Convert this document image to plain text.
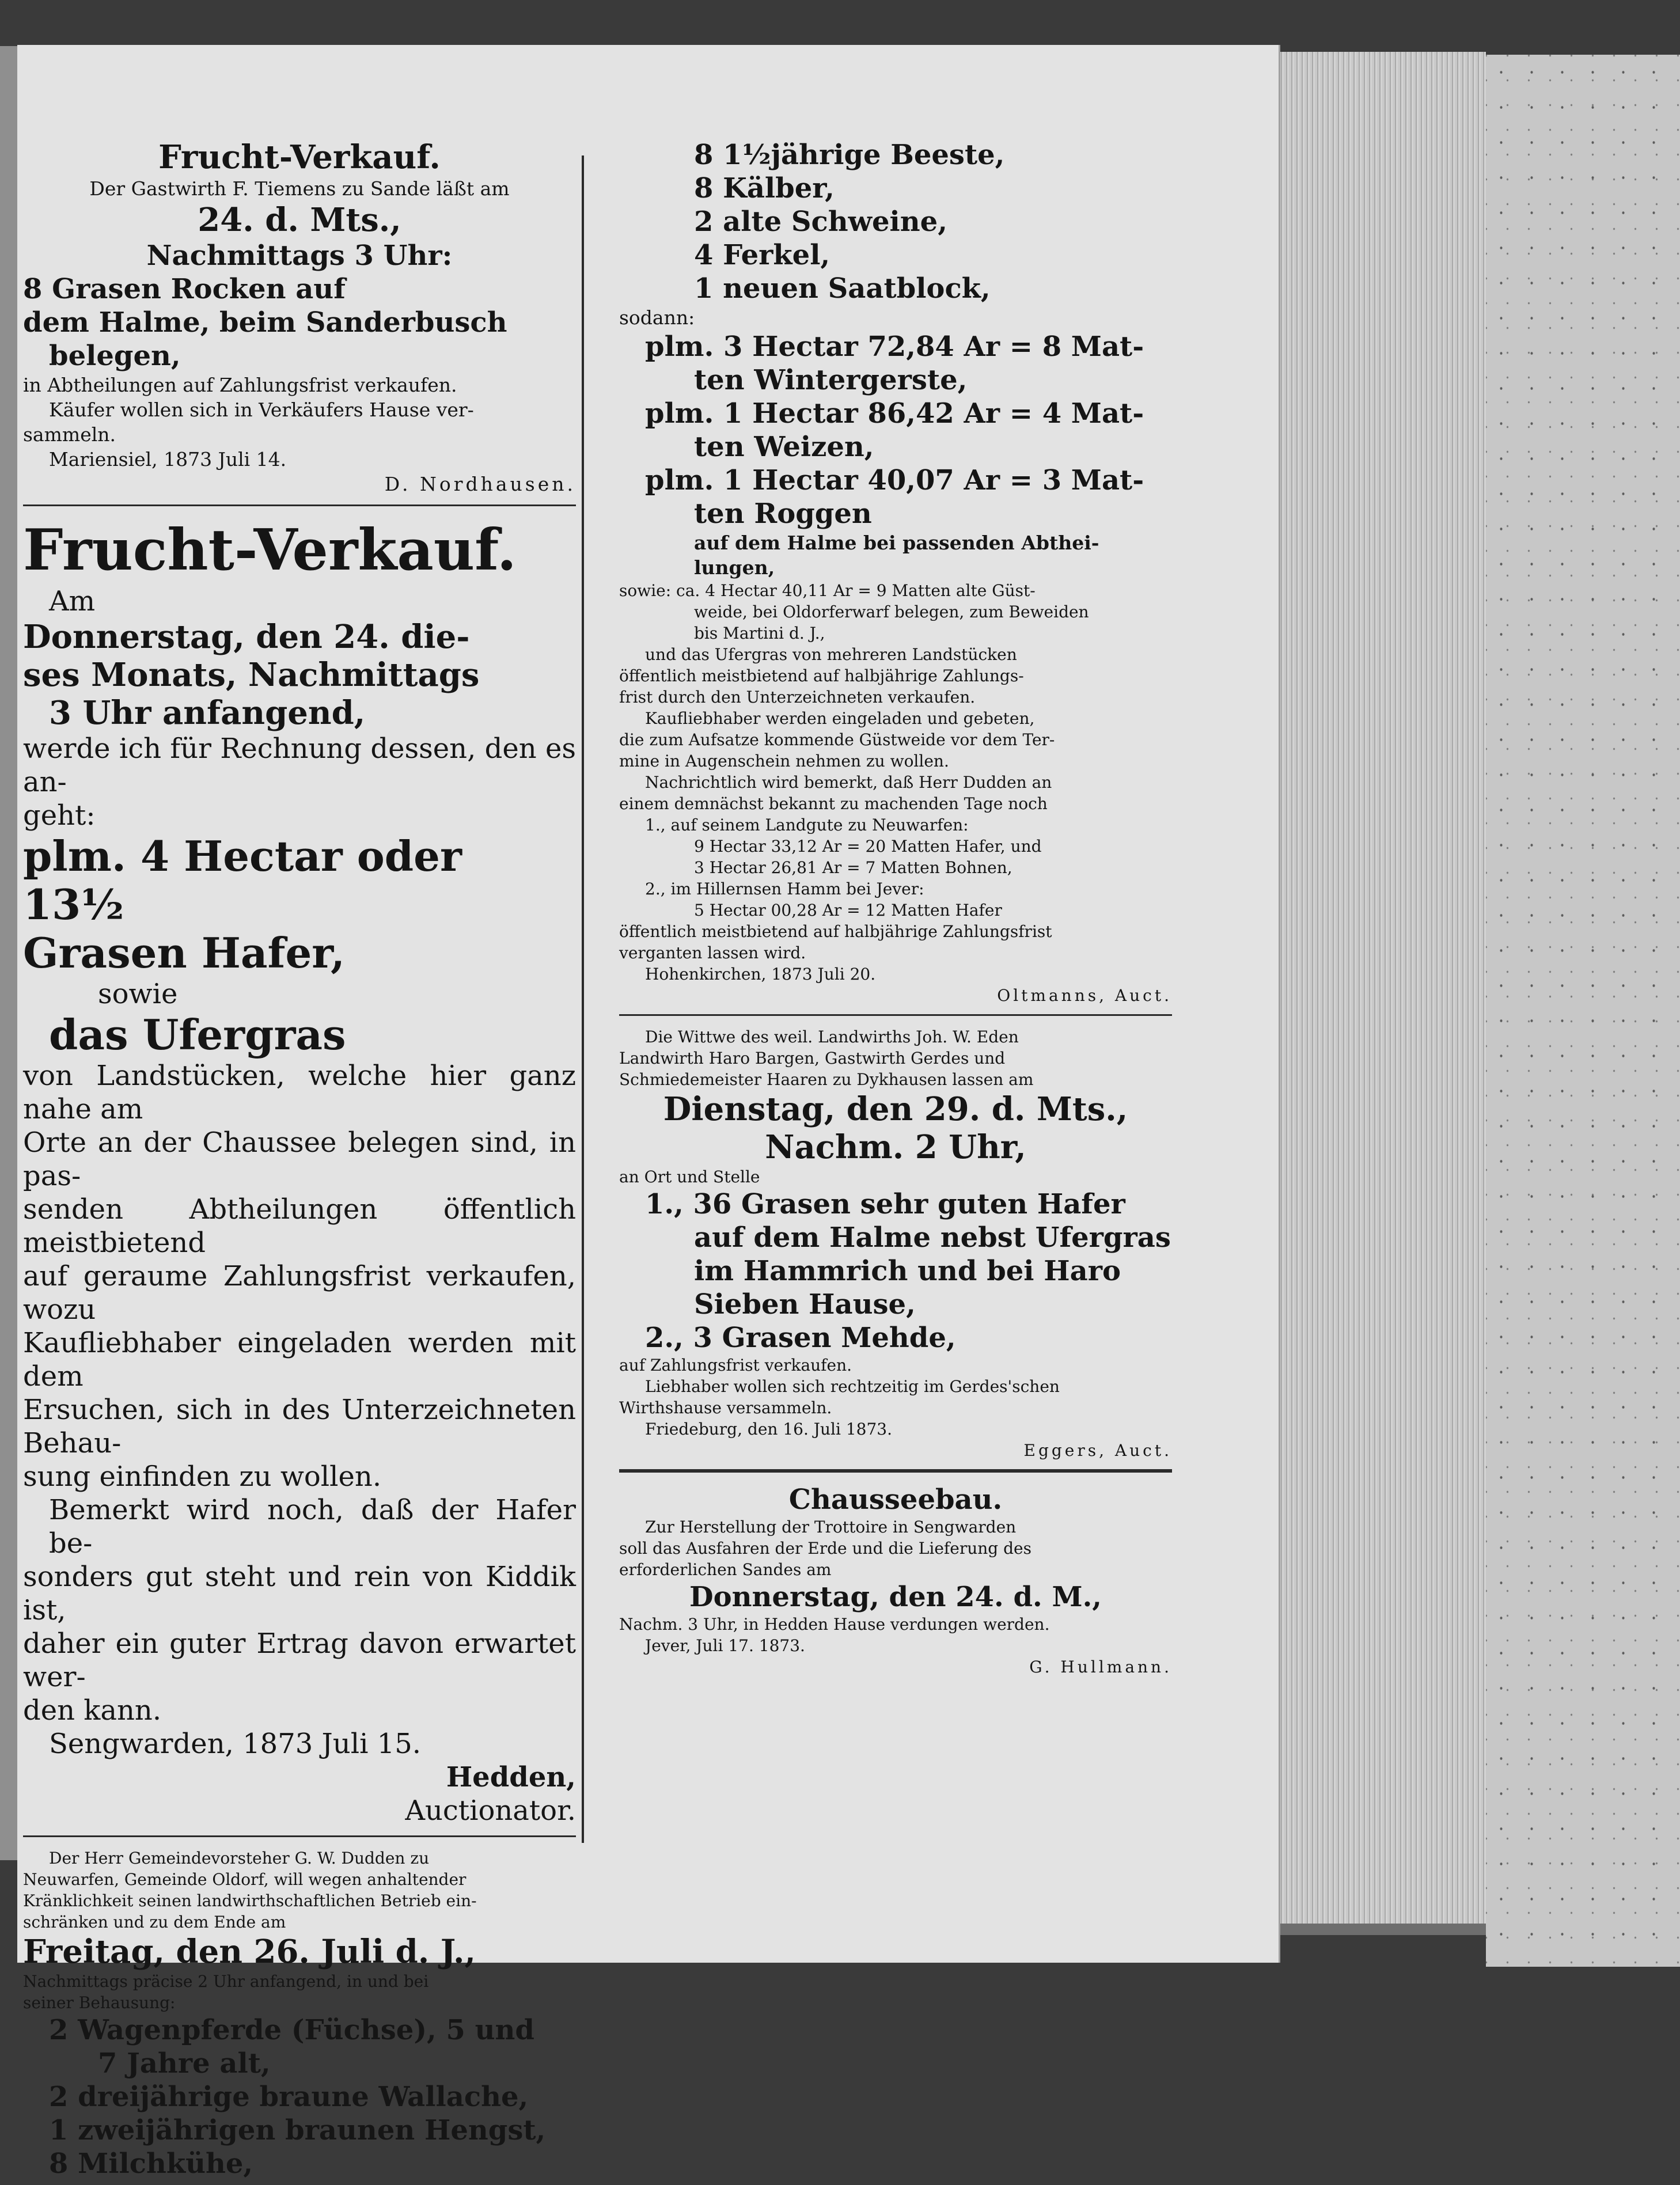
Frucht-Verkauf.

Der Gastwirth F. Tiemens zu Sande läßt am

24. d. Mts.,

Nachmittags 3 Uhr:

8 Grasen Rocken auf

dem Halme, beim Sanderbusch

belegen,

in Abtheilungen auf Zahlungsfrist verkaufen.

Käufer wollen sich in Verkäufers Hause ver-

sammeln.

Mariensiel, 1873 Juli 14.

D. Nordhausen.

Frucht-Verkauf.

Am

Donnerstag, den 24. die-

ses Monats, Nachmittags

3 Uhr anfangend,

werde ich für Rechnung dessen, den es an-

geht:

plm. 4 Hectar oder 13½

Grasen Hafer,

sowie

das Ufergras

von Landstücken, welche hier ganz nahe am

Orte an der Chaussee belegen sind, in pas-

senden Abtheilungen öffentlich meistbietend

auf geraume Zahlungsfrist verkaufen, wozu

Kaufliebhaber eingeladen werden mit dem

Ersuchen, sich in des Unterzeichneten Behau-

sung einfinden zu wollen.

Bemerkt wird noch, daß der Hafer be-

sonders gut steht und rein von Kiddik ist,

daher ein guter Ertrag davon erwartet wer-

den kann.

Sengwarden, 1873 Juli 15.

Hedden,

Auctionator.

Der Herr Gemeindevorsteher G. W. Dudden zu

Neuwarfen, Gemeinde Oldorf, will wegen anhaltender

Kränklichkeit seinen landwirthschaftlichen Betrieb ein-

schränken und zu dem Ende am

Freitag, den 26. Juli d. J.,

Nachmittags präcise 2 Uhr anfangend, in und bei

seiner Behausung:

2 Wagenpferde (Füchse), 5 und

7 Jahre alt,

2 dreijährige braune Wallache,

1 zweijährigen braunen Hengst,

8 Milchkühe,

8 1½jährige Beeste,

8 Kälber,

2 alte Schweine,

4 Ferkel,

1 neuen Saatblock,

sodann:

plm. 3 Hectar 72,84 Ar = 8 Mat-

ten Wintergerste,

plm. 1 Hectar 86,42 Ar = 4 Mat-

ten Weizen,

plm. 1 Hectar 40,07 Ar = 3 Mat-

ten Roggen

auf dem Halme bei passenden Abthei-

lungen,

sowie: ca. 4 Hectar 40,11 Ar = 9 Matten alte Güst-

weide, bei Oldorferwarf belegen, zum Beweiden

bis Martini d. J.,

und das Ufergras von mehreren Landstücken

öffentlich meistbietend auf halbjährige Zahlungs-

frist durch den Unterzeichneten verkaufen.

Kaufliebhaber werden eingeladen und gebeten,

die zum Aufsatze kommende Güstweide vor dem Ter-

mine in Augenschein nehmen zu wollen.

Nachrichtlich wird bemerkt, daß Herr Dudden an

einem demnächst bekannt zu machenden Tage noch

1., auf seinem Landgute zu Neuwarfen:

9 Hectar 33,12 Ar = 20 Matten Hafer, und

3 Hectar 26,81 Ar = 7 Matten Bohnen,

2., im Hillernsen Hamm bei Jever:

5 Hectar 00,28 Ar = 12 Matten Hafer

öffentlich meistbietend auf halbjährige Zahlungsfrist

verganten lassen wird.

Hohenkirchen, 1873 Juli 20.

Oltmanns, Auct.

Die Wittwe des weil. Landwirths Joh. W. Eden

Landwirth Haro Bargen, Gastwirth Gerdes und

Schmiedemeister Haaren zu Dykhausen lassen am

Dienstag, den 29. d. Mts.,

Nachm. 2 Uhr,

an Ort und Stelle

1., 36 Grasen sehr guten Hafer

auf dem Halme nebst Ufergras

im Hammrich und bei Haro

Sieben Hause,

2., 3 Grasen Mehde,

auf Zahlungsfrist verkaufen.

Liebhaber wollen sich rechtzeitig im Gerdes'schen

Wirthshause versammeln.

Friedeburg, den 16. Juli 1873.

Eggers, Auct.

Chausseebau.

Zur Herstellung der Trottoire in Sengwarden

soll das Ausfahren der Erde und die Lieferung des

erforderlichen Sandes am

Donnerstag, den 24. d. M.,

Nachm. 3 Uhr, in Hedden Hause verdungen werden.

Jever, Juli 17. 1873.

G. Hullmann.
